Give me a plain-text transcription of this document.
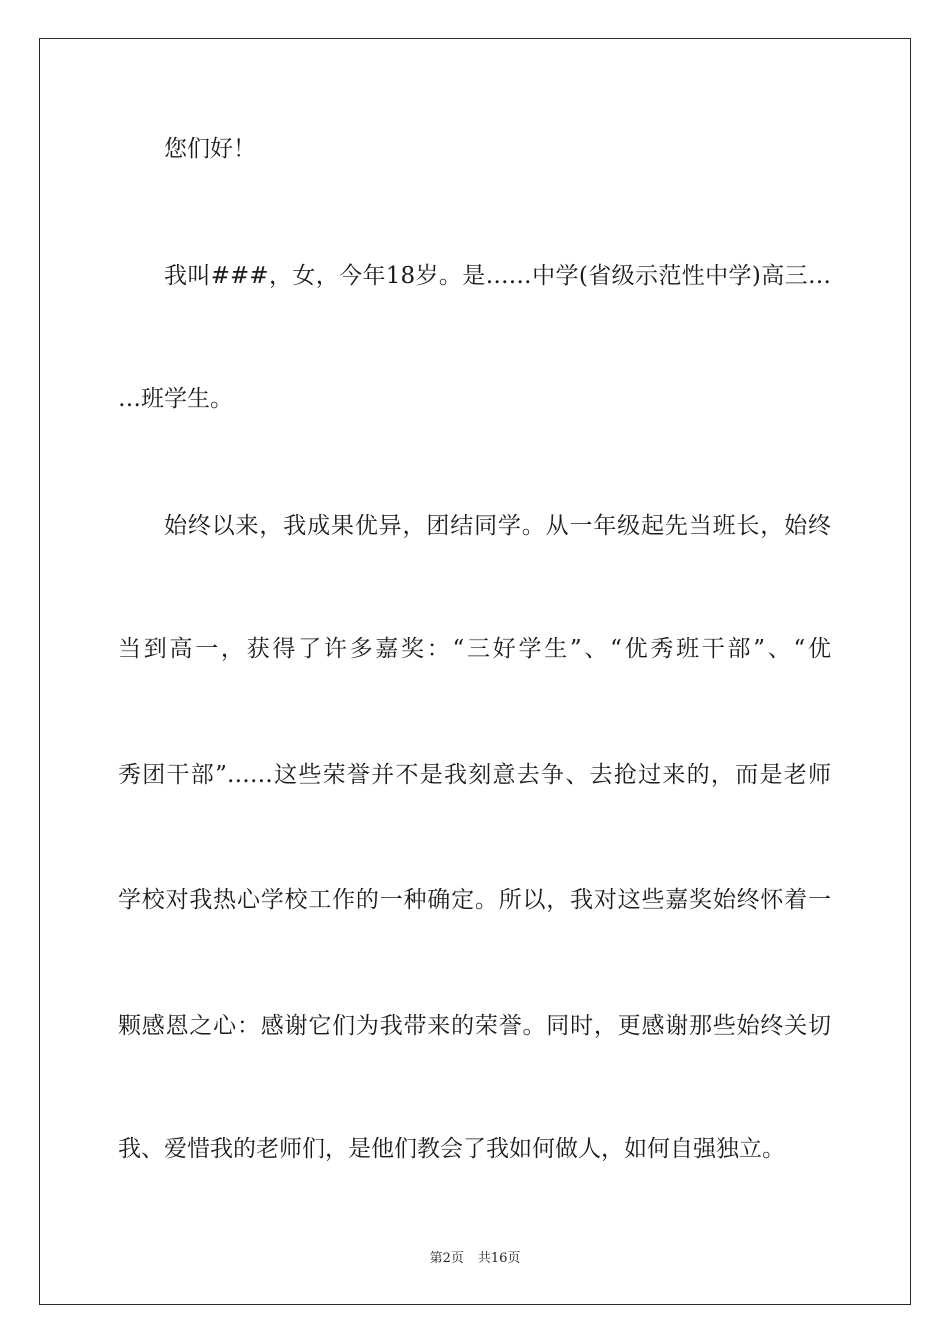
您们好！
我叫###，女，今年18岁。是……中学(省级示范性中学)高三…
…班学生。
始终以来，我成果优异，团结同学。从一年级起先当班长，始终
当到高一，获得了许多嘉奖：“三好学生”、“优秀班干部”、“优
秀团干部”……这些荣誉并不是我刻意去争、去抢过来的，而是老师
学校对我热心学校工作的一种确定。所以，我对这些嘉奖始终怀着一
颗感恩之心：感谢它们为我带来的荣誉。同时，更感谢那些始终关切
我、爱惜我的老师们，是他们教会了我如何做人，如何自强独立。
第2页 共16页
